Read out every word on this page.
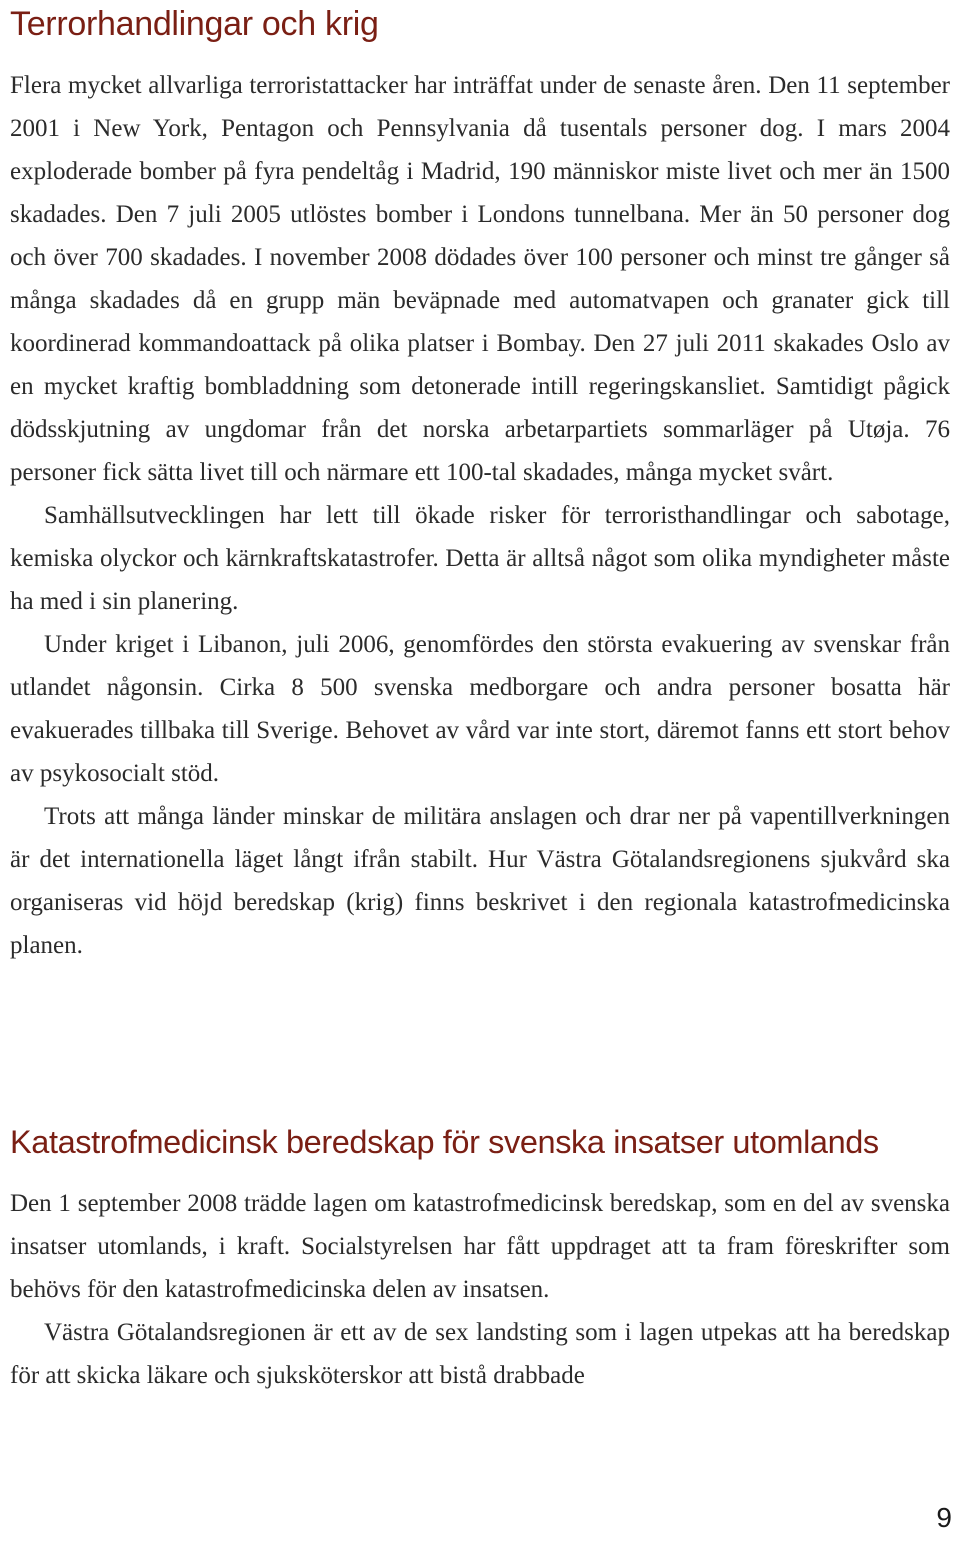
Terrorhandlingar och krig

Flera mycket allvarliga terroristattacker har inträffat under de senaste åren. Den 11 september 2001 i New York, Pentagon och Pennsylvania då tusentals personer dog. I mars 2004 exploderade bomber på fyra pendeltåg i Madrid, 190 människor miste livet och mer än 1500 skadades. Den 7 juli 2005 utlöstes bomber i Londons tunnelbana. Mer än 50 personer dog och över 700 skadades. I november 2008 dödades över 100 personer och minst tre gånger så många skadades då en grupp män beväpnade med automatvapen och granater gick till koordinerad kommandoattack på olika platser i Bombay. Den 27 juli 2011 skakades Oslo av en mycket kraftig bombladdning som detonerade intill regeringskansliet. Samtidigt pågick dödsskjutning av ungdomar från det norska arbetarpartiets sommarläger på Utøja. 76 personer fick sätta livet till och närmare ett 100-tal skadades, många mycket svårt.

Samhällsutvecklingen har lett till ökade risker för terroristhandlingar och sabotage, kemiska olyckor och kärnkraftskatastrofer. Detta är alltså något som olika myndigheter måste ha med i sin planering.

Under kriget i Libanon, juli 2006, genomfördes den största evakuering av svenskar från utlandet någonsin. Cirka 8 500 svenska medborgare och andra personer bosatta här evakuerades tillbaka till Sverige. Behovet av vård var inte stort, däremot fanns ett stort behov av psykosocialt stöd.

Trots att många länder minskar de militära anslagen och drar ner på vapentillverkningen är det internationella läget långt ifrån stabilt. Hur Västra Götalandsregionens sjukvård ska organiseras vid höjd beredskap (krig) finns beskrivet i den regionala katastrofmedicinska planen.

Katastrofmedicinsk beredskap för svenska insatser utomlands

Den 1 september 2008 trädde lagen om katastrofmedicinsk beredskap, som en del av svenska insatser utomlands, i kraft. Socialstyrelsen har fått uppdraget att ta fram föreskrifter som behövs för den katastrofmedicinska delen av insatsen.

Västra Götalandsregionen är ett av de sex landsting som i lagen utpekas att ha beredskap för att skicka läkare och sjuksköterskor att bistå drabbade

9
